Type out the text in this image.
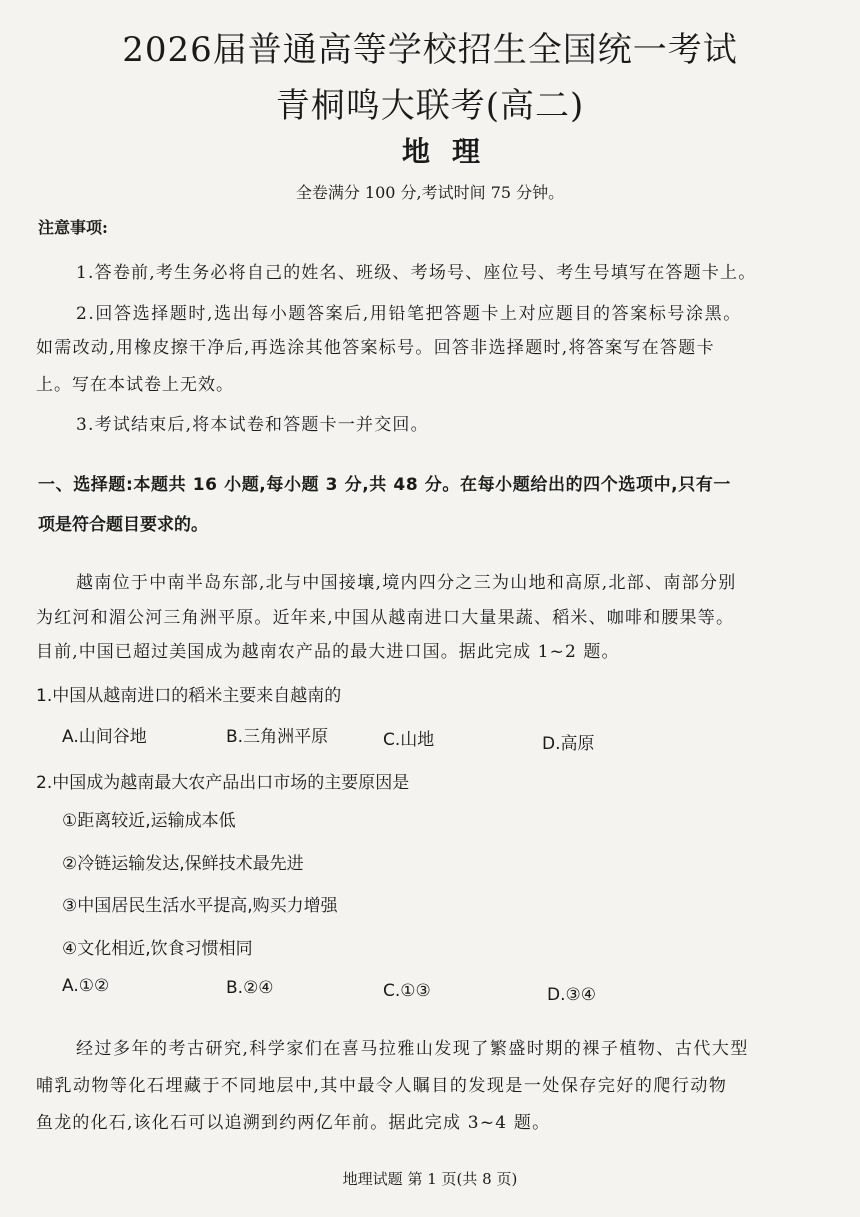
2026届普通高等学校招生全国统一考试
青桐鸣大联考(高二)
地理
全卷满分 100 分,考试时间 75 分钟。
注意事项:
1.答卷前,考生务必将自己的姓名、班级、考场号、座位号、考生号填写在答题卡上。
2.回答选择题时,选出每小题答案后,用铅笔把答题卡上对应题目的答案标号涂黑。
如需改动,用橡皮擦干净后,再选涂其他答案标号。回答非选择题时,将答案写在答题卡
上。写在本试卷上无效。
3.考试结束后,将本试卷和答题卡一并交回。
一、选择题:本题共 16 小题,每小题 3 分,共 48 分。在每小题给出的四个选项中,只有一
项是符合题目要求的。
越南位于中南半岛东部,北与中国接壤,境内四分之三为山地和高原,北部、南部分别
为红河和湄公河三角洲平原。近年来,中国从越南进口大量果蔬、稻米、咖啡和腰果等。
目前,中国已超过美国成为越南农产品的最大进口国。据此完成 1~2 题。
1.中国从越南进口的稻米主要来自越南的
A.山间谷地	B.三角洲平原	C.山地	D.高原
2.中国成为越南最大农产品出口市场的主要原因是
①距离较近,运输成本低
②冷链运输发达,保鲜技术最先进
③中国居民生活水平提高,购买力增强
④文化相近,饮食习惯相同
A.①②	B.②④	C.①③	D.③④
经过多年的考古研究,科学家们在喜马拉雅山发现了繁盛时期的裸子植物、古代大型
哺乳动物等化石埋藏于不同地层中,其中最令人瞩目的发现是一处保存完好的爬行动物
鱼龙的化石,该化石可以追溯到约两亿年前。据此完成 3~4 题。
地理试题 第 1 页(共 8 页)
